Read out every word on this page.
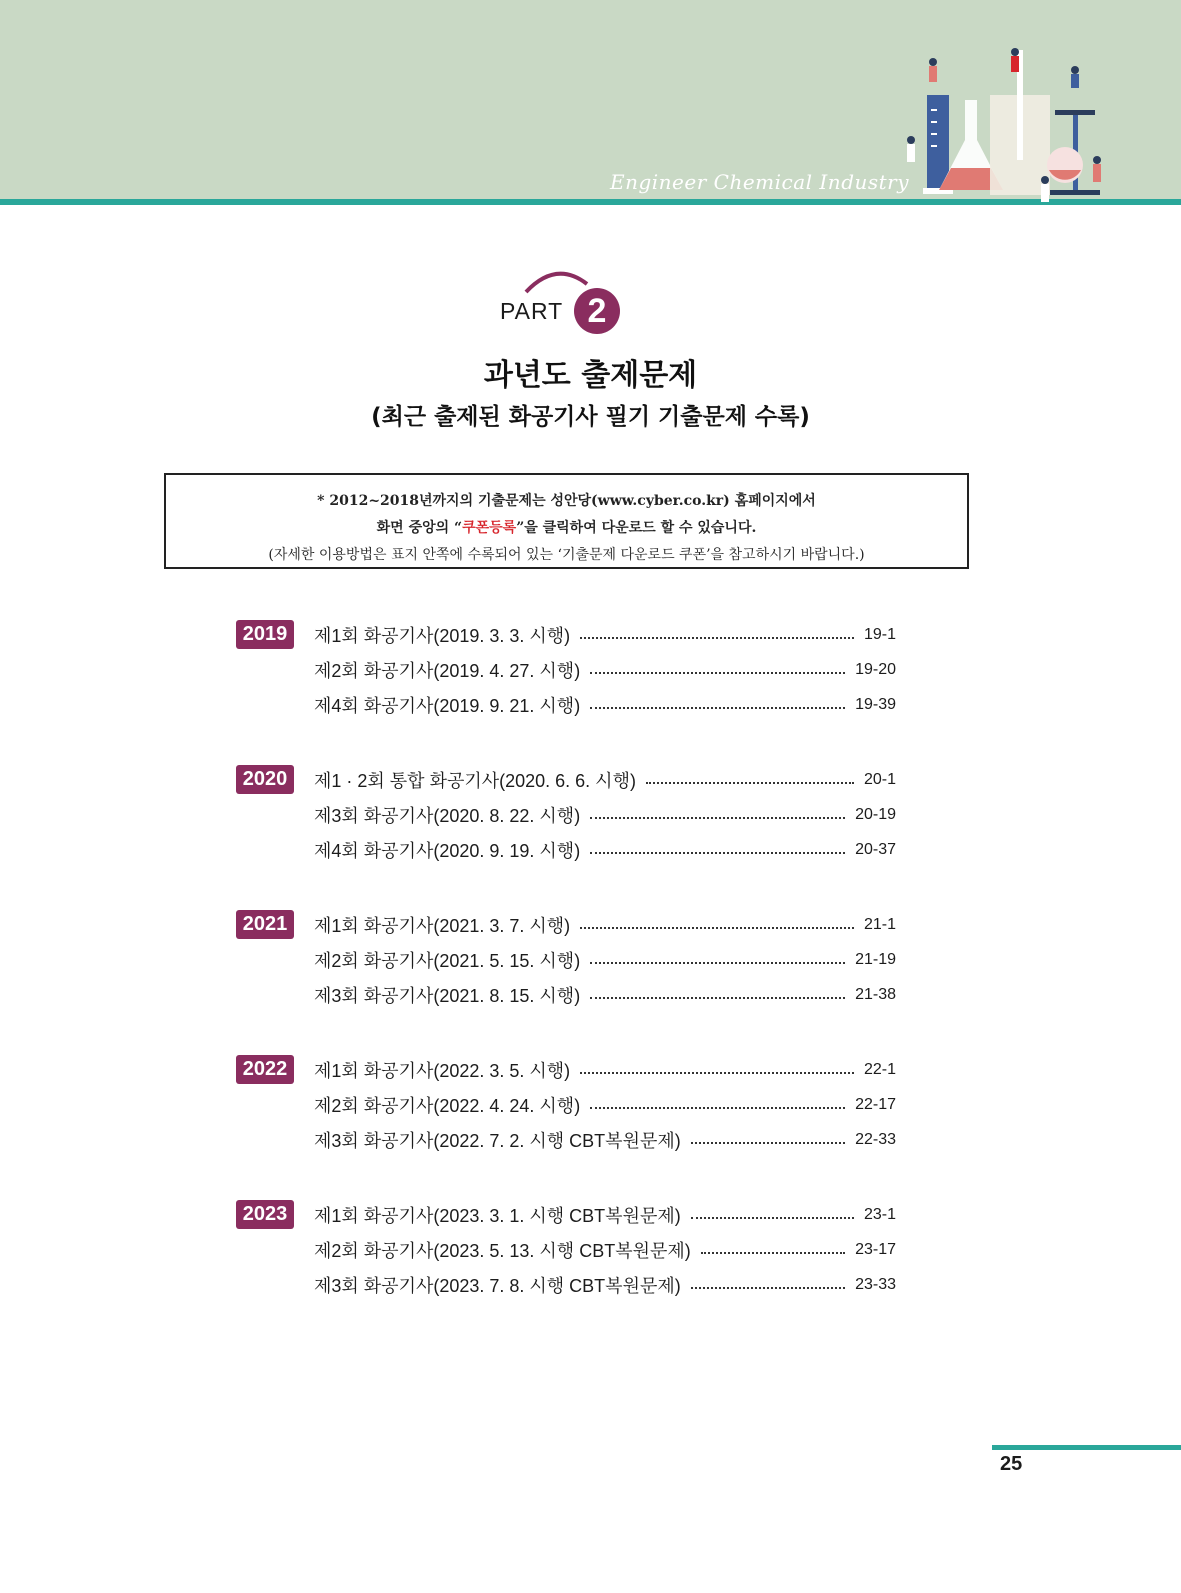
Engineer Chemical Industry
PART 2
과년도 출제문제
(최근 출제된 화공기사 필기 기출문제 수록)
* 2012~2018년까지의 기출문제는 성안당(www.cyber.co.kr) 홈페이지에서
화면 중앙의 “쿠폰등록”을 클릭하여 다운로드 할 수 있습니다.
(자세한 이용방법은 표지 안쪽에 수록되어 있는 ‘기출문제 다운로드 쿠폰’을 참고하시기 바랍니다.)
2019	제1회 화공기사(2019. 3. 3. 시행)	19-1
제2회 화공기사(2019. 4. 27. 시행)	19-20
제4회 화공기사(2019. 9. 21. 시행)	19-39
2020	제1 · 2회 통합 화공기사(2020. 6. 6. 시행)	20-1
제3회 화공기사(2020. 8. 22. 시행)	20-19
제4회 화공기사(2020. 9. 19. 시행)	20-37
2021	제1회 화공기사(2021. 3. 7. 시행)	21-1
제2회 화공기사(2021. 5. 15. 시행)	21-19
제3회 화공기사(2021. 8. 15. 시행)	21-38
2022	제1회 화공기사(2022. 3. 5. 시행)	22-1
제2회 화공기사(2022. 4. 24. 시행)	22-17
제3회 화공기사(2022. 7. 2. 시행 CBT복원문제)	22-33
2023	제1회 화공기사(2023. 3. 1. 시행 CBT복원문제)	23-1
제2회 화공기사(2023. 5. 13. 시행 CBT복원문제)	23-17
제3회 화공기사(2023. 7. 8. 시행 CBT복원문제)	23-33
25
